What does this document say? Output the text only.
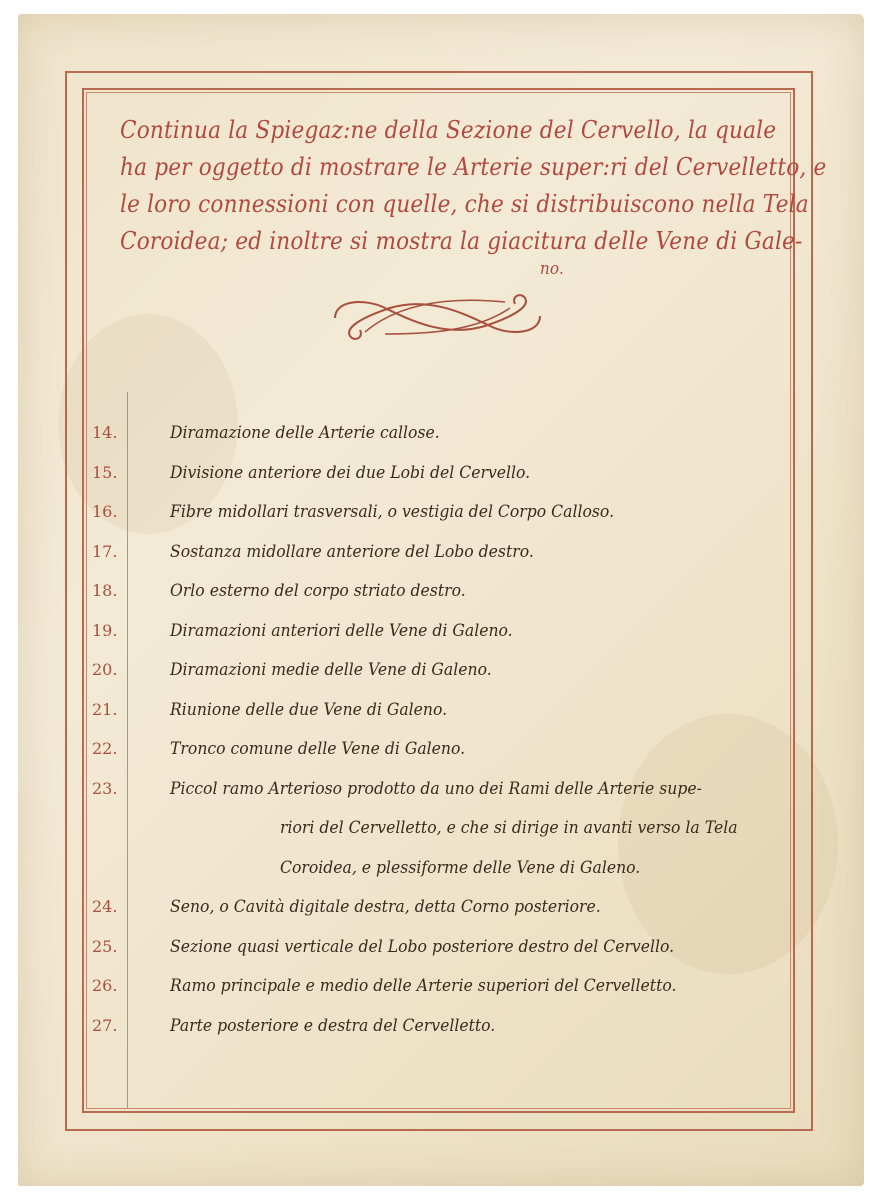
Continua la Spiegaz:ne della Sezione del Cervello, la quale
ha per oggetto di mostrare le Arterie super:ri del Cervelletto, e
le loro connessioni con quelle, che si distribuiscono nella Tela
Coroidea; ed inoltre si mostra la giacitura delle Vene di Gale-
no.
14.	Diramazione delle Arterie callose.
15.	Divisione anteriore dei due Lobi del Cervello.
16.	Fibre midollari trasversali, o vestigia del Corpo Calloso.
17.	Sostanza midollare anteriore del Lobo destro.
18.	Orlo esterno del corpo striato destro.
19.	Diramazioni anteriori delle Vene di Galeno.
20.	Diramazioni medie delle Vene di Galeno.
21.	Riunione delle due Vene di Galeno.
22.	Tronco comune delle Vene di Galeno.
23.	Piccol ramo Arterioso prodotto da uno dei Rami delle Arterie supe-
riori del Cervelletto, e che si dirige in avanti verso la Tela
Coroidea, e plessiforme delle Vene di Galeno.
24.	Seno, o Cavità digitale destra, detta Corno posteriore.
25.	Sezione quasi verticale del Lobo posteriore destro del Cervello.
26.	Ramo principale e medio delle Arterie superiori del Cervelletto.
27.	Parte posteriore e destra del Cervelletto.
